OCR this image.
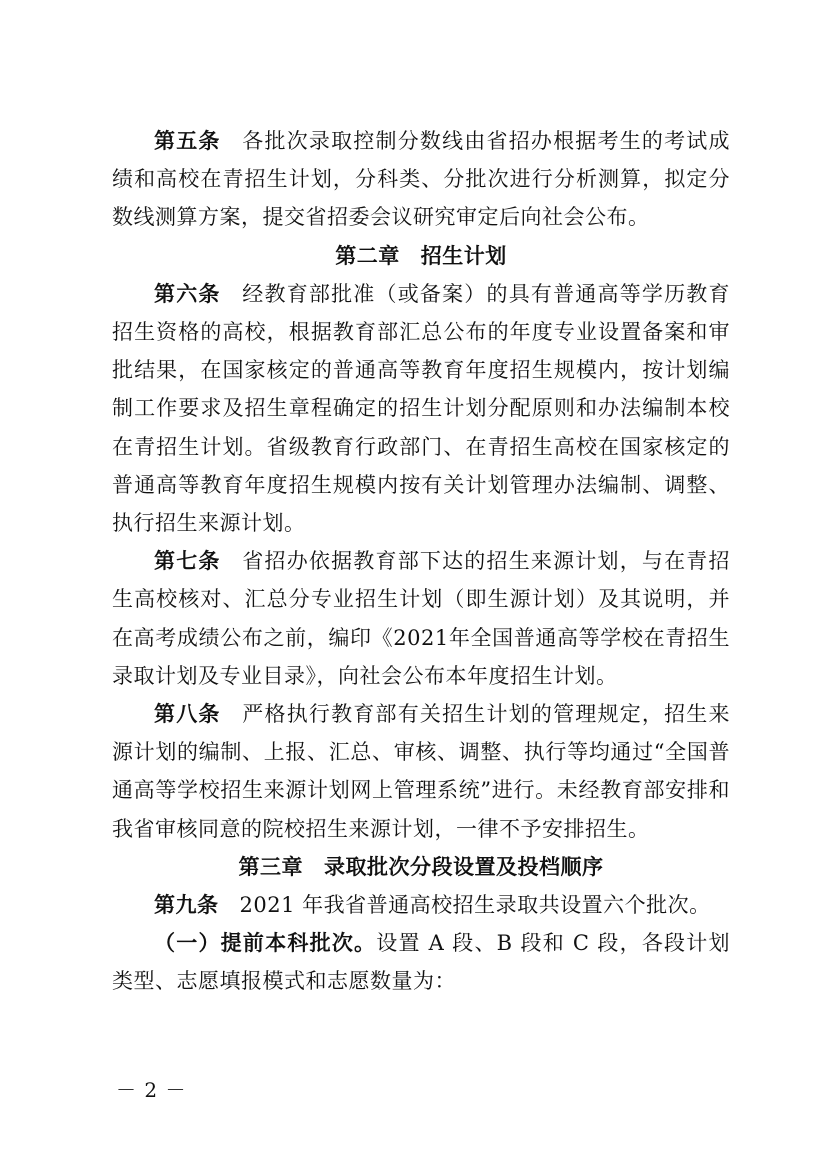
第五条 各批次录取控制分数线由省招办根据考生的考试成绩和高校在青招生计划，分科类、分批次进行分析测算，拟定分数线测算方案，提交省招委会议研究审定后向社会公布。

第二章 招生计划

第六条 经教育部批准（或备案）的具有普通高等学历教育招生资格的高校，根据教育部汇总公布的年度专业设置备案和审批结果，在国家核定的普通高等教育年度招生规模内，按计划编制工作要求及招生章程确定的招生计划分配原则和办法编制本校在青招生计划。省级教育行政部门、在青招生高校在国家核定的普通高等教育年度招生规模内按有关计划管理办法编制、调整、执行招生来源计划。

第七条 省招办依据教育部下达的招生来源计划，与在青招生高校核对、汇总分专业招生计划（即生源计划）及其说明，并在高考成绩公布之前，编印《2021年全国普通高等学校在青招生录取计划及专业目录》，向社会公布本年度招生计划。

第八条 严格执行教育部有关招生计划的管理规定，招生来源计划的编制、上报、汇总、审核、调整、执行等均通过“全国普通高等学校招生来源计划网上管理系统”进行。未经教育部安排和我省审核同意的院校招生来源计划，一律不予安排招生。

第三章 录取批次分段设置及投档顺序

第九条 2021 年我省普通高校招生录取共设置六个批次。

（一）提前本科批次。设置 A 段、B 段和 C 段，各段计划类型、志愿填报模式和志愿数量为：

－ 2 －
